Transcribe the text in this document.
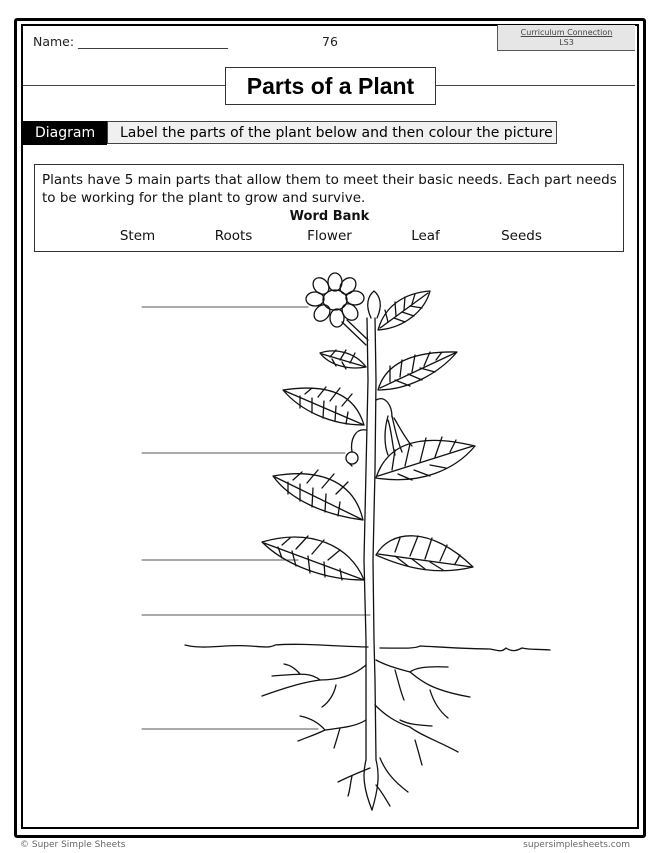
Name: ________________________	76
Curriculum Connection
LS3
Parts of a Plant
Diagram	Label the parts of the plant below and then colour the picture
Plants have 5 main parts that allow them to meet their basic needs. Each part needs to be working for the plant to grow and survive.
Word Bank
Stem	Roots	Flower	Leaf	Seeds
© Super Simple Sheets	supersimplesheets.com
